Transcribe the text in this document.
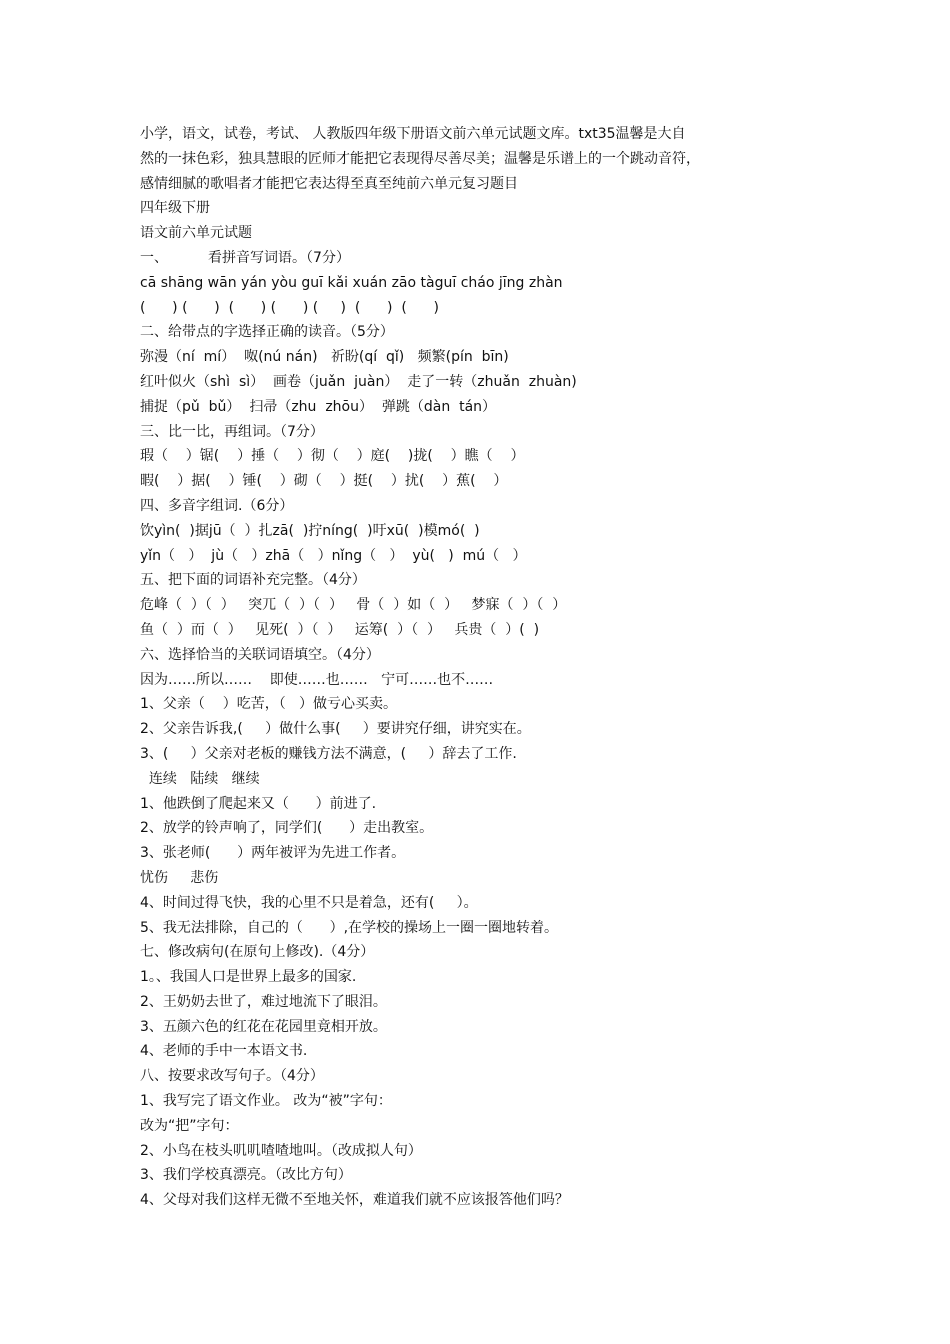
小学，语文，试卷，考试、 人教版四年级下册语文前六单元试题文库。txt35温馨是大自
然的一抹色彩，独具慧眼的匠师才能把它表现得尽善尽美；温馨是乐谱上的一个跳动音符，
感情细腻的歌唱者才能把它表达得至真至纯前六单元复习题目
四年级下册
语文前六单元试题
一、         看拼音写词语。（7分）
cā shāng wān yán yòu guī kǎi xuán zāo tàguī cháo jīng zhàn
(      ) (      )  (      ) (      ) (     )  (      )  (      )
二、给带点的字选择正确的读音。（5分）
弥漫（ní  mí）  呶(nú nán)   祈盼(qí  qǐ)   频繁(pín  bīn)
红叶似火（shì  sì）  画卷（juǎn  juàn）  走了一转（zhuǎn  zhuàn)
捕捉（pǔ  bǔ）  扫帚（zhu  zhōu）  弹跳（dàn  tán）
三、比一比，再组词。（7分）
瑕（    ）锯(    ）捶（    ）彻（    ）庭(    )拢(    ）瞧（    ）
暇(    ）据(    ）锤(    ）砌（    ）挺(    ）扰(    ）蕉(    ）
四、多音字组词.（6分）
饮yìn(  )据jū（  ）扎zā(  )拧níng(  )吁xū(  )模mó(  )
yǐn（   ）  jù（   ）zhā（   ）nǐng（   ）  yù(   )  mú（   ）
五、把下面的词语补充完整。（4分）
危峰（  ）（  ）   突兀（  ）（  ）   骨（  ）如（  ）   梦寐（  ）（  ）
鱼（  ）而（  ）   见死(  ）（  ）   运筹(  ）（  ）   兵贵（  ）(  )
六、选择恰当的关联词语填空。（4分）
因为……所以……    即使……也……   宁可……也不……
1、父亲（    ）吃苦，（   ）做亏心买卖。
2、父亲告诉我,(     ）做什么事(     ）要讲究仔细，讲究实在。
3、(     ）父亲对老板的赚钱方法不满意，(     ）辞去了工作.
连续   陆续   继续
1、他跌倒了爬起来又（      ）前进了.
2、放学的铃声响了，同学们(      ）走出教室。
3、张老师(      ）两年被评为先进工作者。
忧伤     悲伤
4、时间过得飞快，我的心里不只是着急，还有(     ）。
5、我无法排除，自己的（      ）,在学校的操场上一圈一圈地转着。
七、修改病句(在原句上修改).（4分）
1。、我国人口是世界上最多的国家.
2、王奶奶去世了，难过地流下了眼泪。
3、五颜六色的红花在花园里竟相开放。
4、老师的手中一本语文书.
八、按要求改写句子。（4分）
1、我写完了语文作业。 改为“被”字句：
改为“把”字句：
2、小鸟在枝头叽叽喳喳地叫。（改成拟人句）
3、我们学校真漂亮。（改比方句）
4、父母对我们这样无微不至地关怀，难道我们就不应该报答他们吗？
